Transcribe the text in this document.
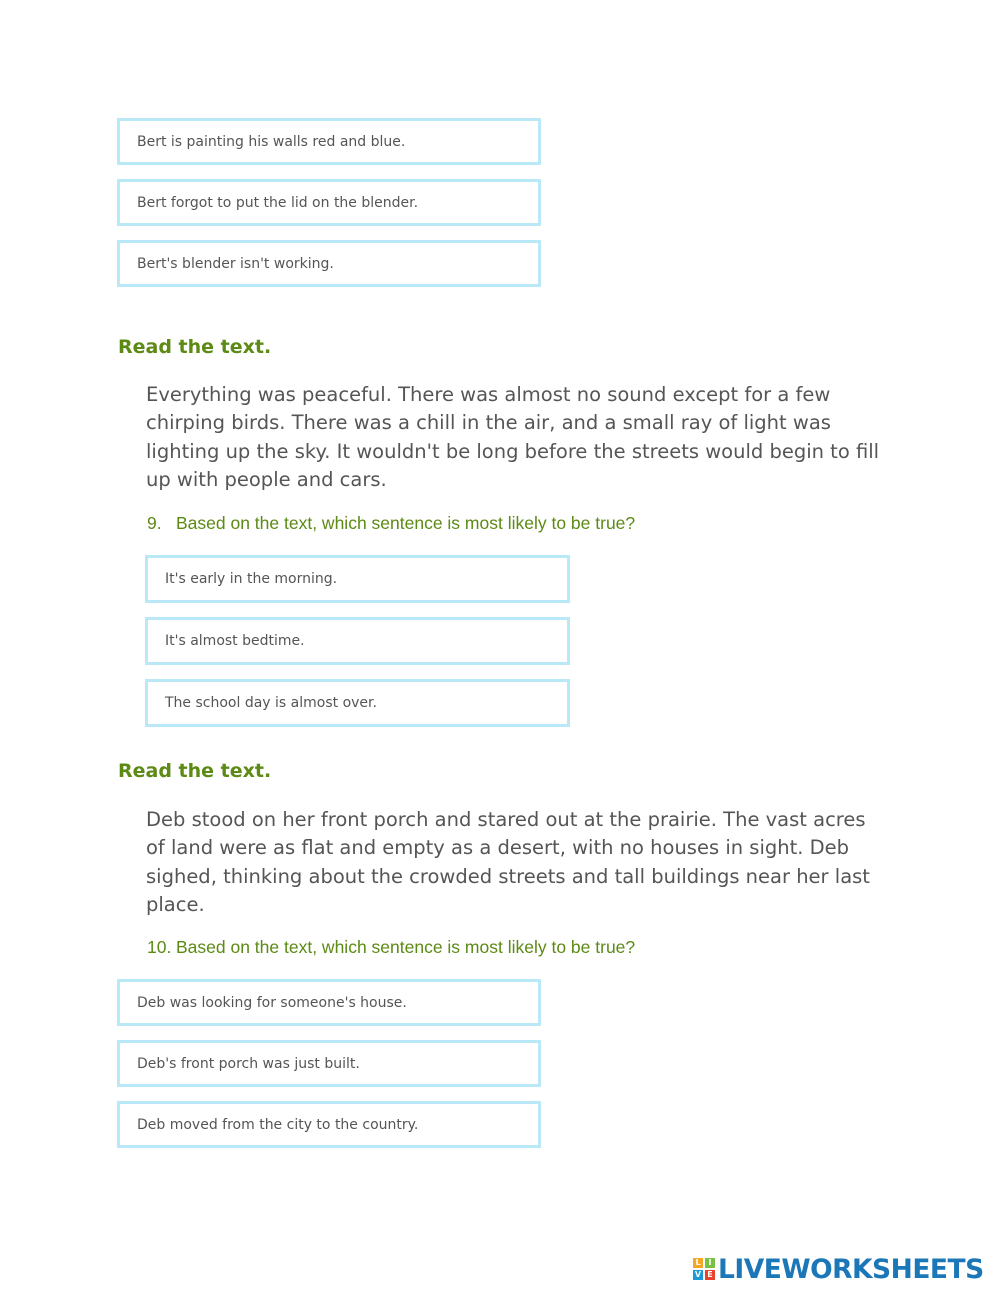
Bert is painting his walls red and blue.
Bert forgot to put the lid on the blender.
Bert's blender isn't working.
Read the text.

Everything was peaceful. There was almost no sound except for a few chirping birds. There was a chill in the air, and a small ray of light was lighting up the sky. It wouldn't be long before the streets would begin to fill up with people and cars.

9. Based on the text, which sentence is most likely to be true?

It's early in the morning.
It's almost bedtime.
The school day is almost over.
Read the text.

Deb stood on her front porch and stared out at the prairie. The vast acres of land were as flat and empty as a desert, with no houses in sight. Deb sighed, thinking about the crowded streets and tall buildings near her last place.

10. Based on the text, which sentence is most likely to be true?

Deb was looking for someone's house.
Deb's front porch was just built.
Deb moved from the city to the country.
L I
V E LIVEWORKSHEETS
